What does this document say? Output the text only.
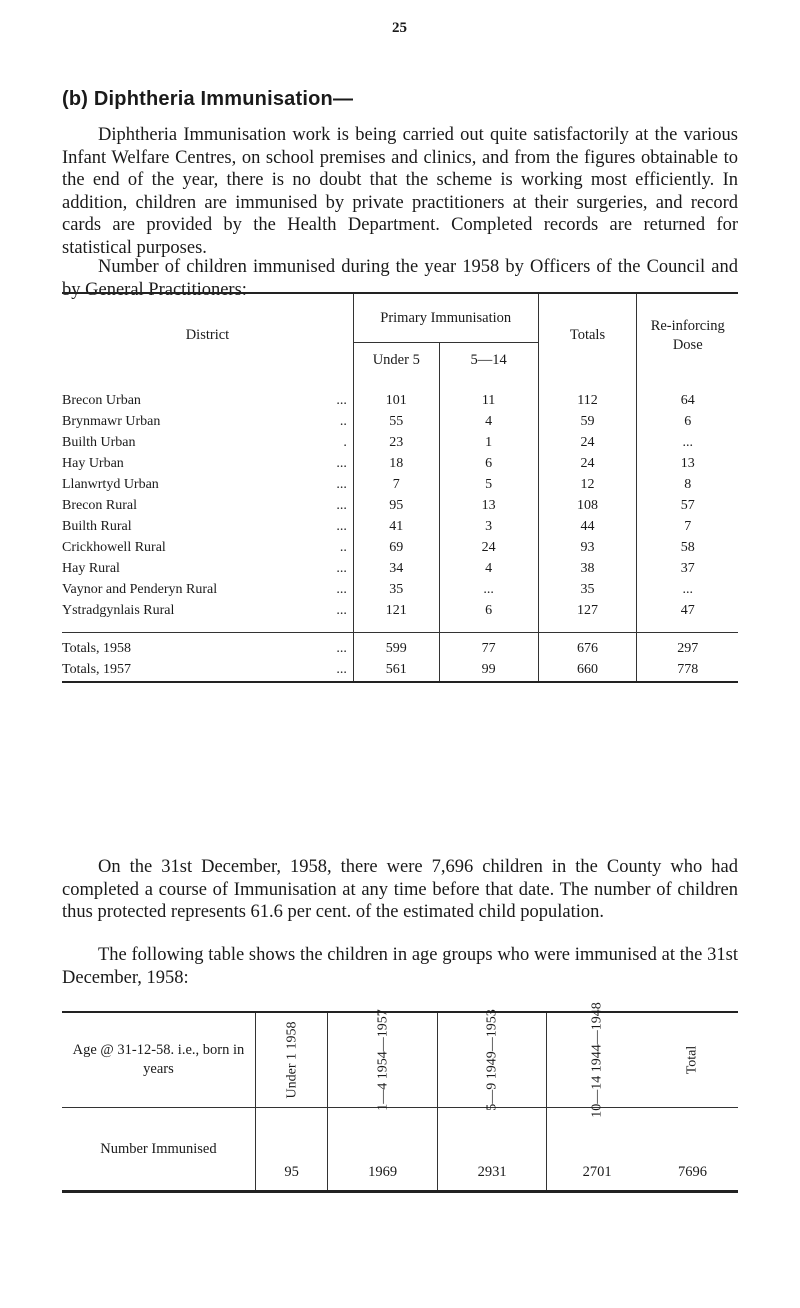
25
(b) Diphtheria Immunisation—

Diphtheria Immunisation work is being carried out quite satisfactorily at the various Infant Welfare Centres, on school premises and clinics, and from the figures obtainable to the end of the year, there is no doubt that the scheme is working most efficiently. In addition, children are immunised by private practitioners at their surgeries, and record cards are provided by the Health Department. Completed records are returned for statistical purposes.

Number of children immunised during the year 1958 by Officers of the Council and by General Practitioners:

District	Primary Immunisation		Totals	Re-inforcing Dose
	Under 5	5—14		
Brecon Urban ...	101	11	112	64
Brynmawr Urban ..	55	4	59	6
Builth Urban .	23	1	24	...
Hay Urban ...	18	6	24	13
Llanwrtyd Urban ...	7	5	12	8
Brecon Rural ...	95	13	108	57
Builth Rural ...	41	3	44	7
Crickhowell Rural ..	69	24	93	58
Hay Rural ...	34	4	38	37
Vaynor and Penderyn Rural ...	35	...	35	...
Ystradgynlais Rural ...	121	6	127	47
Totals, 1958 ...	599	77	676	297
Totals, 1957 ...	561	99	660	778

On the 31st December, 1958, there were 7,696 children in the County who had completed a course of Immunisation at any time before that date. The number of children thus protected represents 61.6 per cent. of the estimated child population.

The following table shows the children in age groups who were immunised at the 31st December, 1958:

Age @ 31-12-58. i.e., born in years	Under 1 1958	1—4 1954—1957	5—9 1949—1953	10—14 1944—1948	Total

Number Immunised	95	1969	2931	2701	7696
